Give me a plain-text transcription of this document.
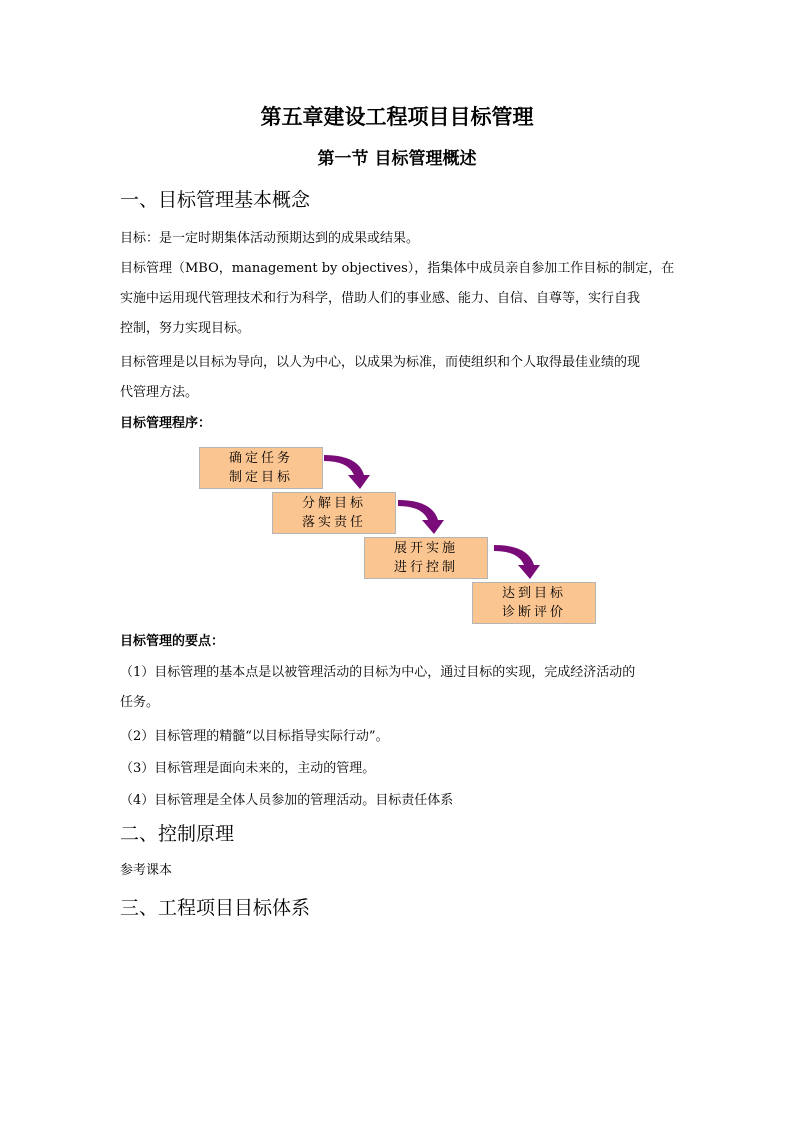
第五章建设工程项目目标管理
第一节 目标管理概述
一、目标管理基本概念

目标：是一定时期集体活动预期达到的成果或结果。

目标管理（MBO，management by objectives），指集体中成员亲自参加工作目标的制定，在

实施中运用现代管理技术和行为科学，借助人们的事业感、能力、自信、自尊等，实行自我

控制，努力实现目标。

目标管理是以目标为导向，以人为中心，以成果为标准，而使组织和个人取得最佳业绩的现

代管理方法。

目标管理程序：

确定任务
制定目标
分解目标
落实责任
展开实施
进行控制
达到目标
诊断评价

目标管理的要点：

（1）目标管理的基本点是以被管理活动的目标为中心，通过目标的实现，完成经济活动的

任务。

（2）目标管理的精髓“以目标指导实际行动”。

（3）目标管理是面向未来的，主动的管理。

（4）目标管理是全体人员参加的管理活动。目标责任体系

二、控制原理

参考课本

三、工程项目目标体系
